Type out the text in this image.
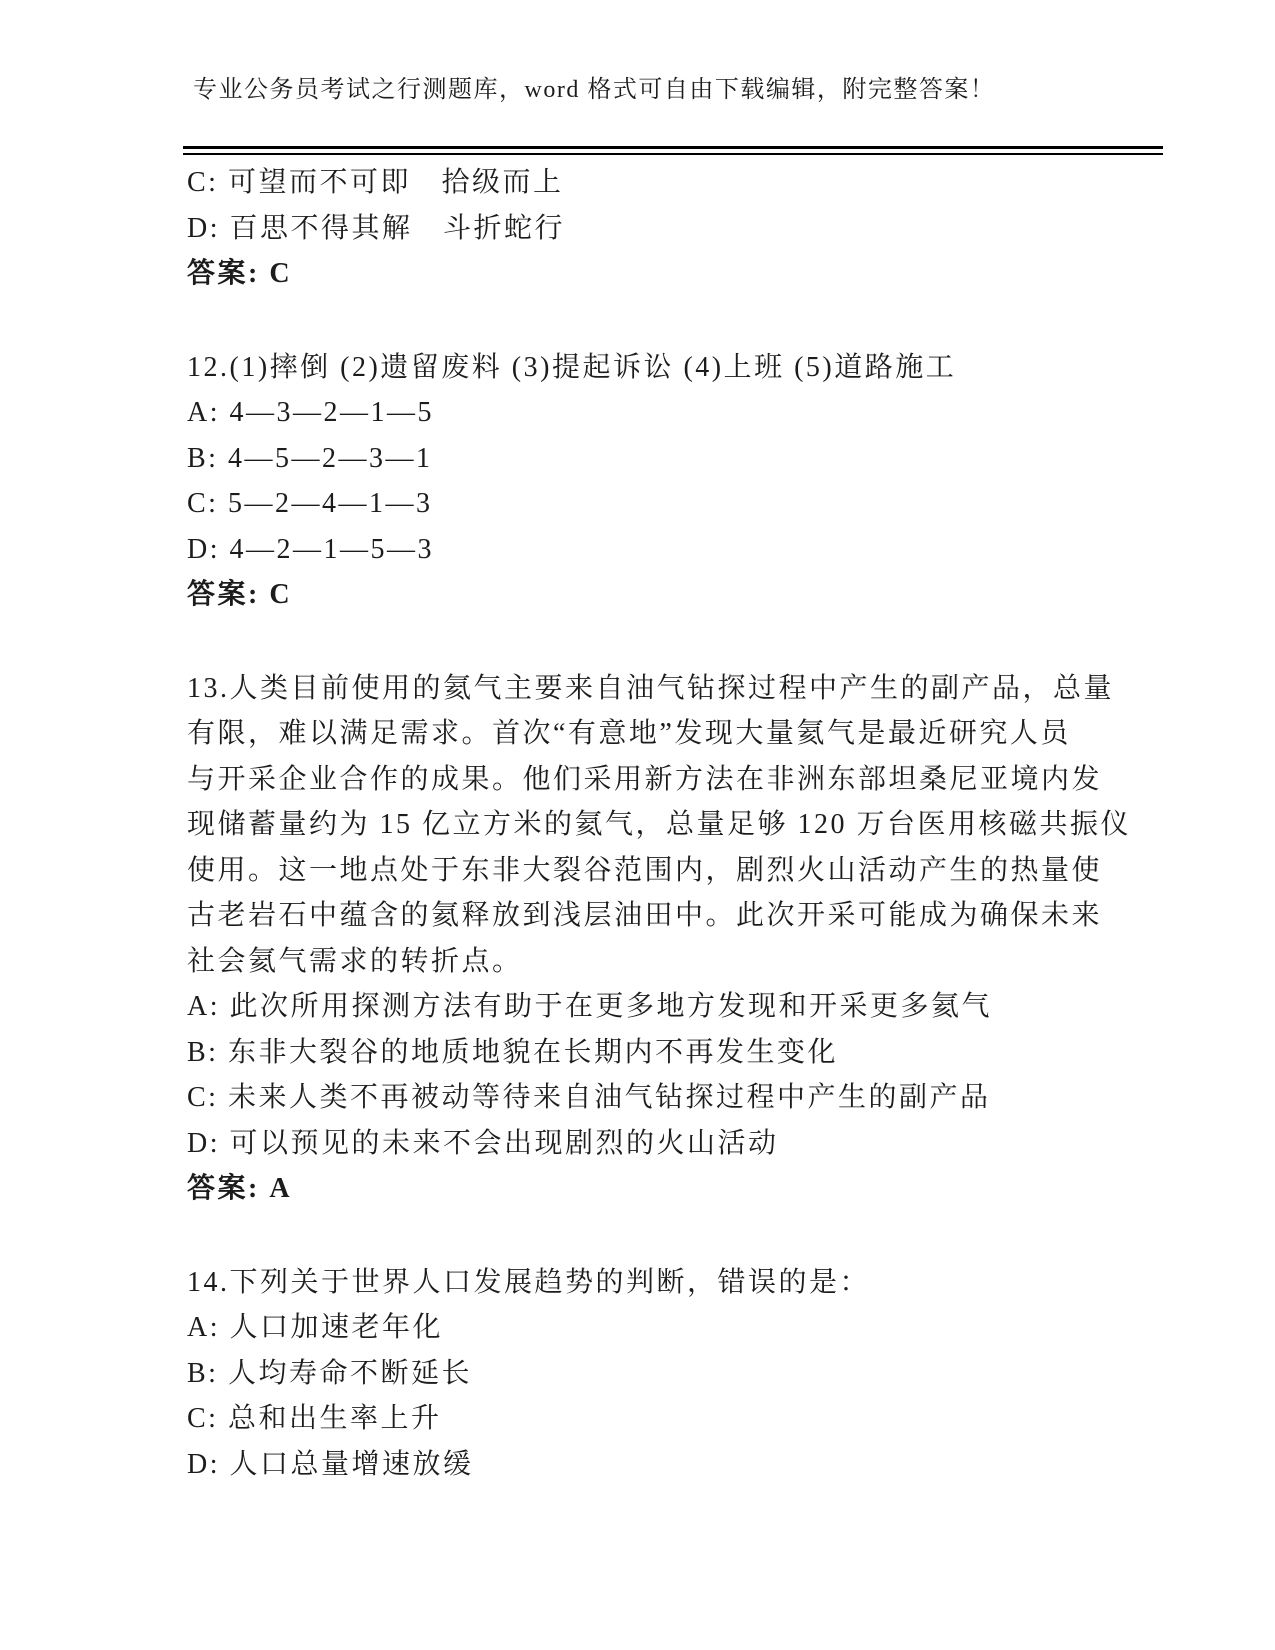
专业公务员考试之行测题库，word 格式可自由下载编辑，附完整答案！
C: 可望而不可即　拾级而上
D: 百思不得其解　斗折蛇行
答案: C
12.(1)摔倒 (2)遗留废料 (3)提起诉讼 (4)上班 (5)道路施工
A: 4—3—2—1—5
B: 4—5—2—3—1
C: 5—2—4—1—3
D: 4—2—1—5—3
答案: C
13.人类目前使用的氦气主要来自油气钻探过程中产生的副产品，总量
有限，难以满足需求。首次“有意地”发现大量氦气是最近研究人员
与开采企业合作的成果。他们采用新方法在非洲东部坦桑尼亚境内发
现储蓄量约为 15 亿立方米的氦气，总量足够 120 万台医用核磁共振仪
使用。这一地点处于东非大裂谷范围内，剧烈火山活动产生的热量使
古老岩石中蕴含的氦释放到浅层油田中。此次开采可能成为确保未来
社会氦气需求的转折点。
A: 此次所用探测方法有助于在更多地方发现和开采更多氦气
B: 东非大裂谷的地质地貌在长期内不再发生变化
C: 未来人类不再被动等待来自油气钻探过程中产生的副产品
D: 可以预见的未来不会出现剧烈的火山活动
答案: A
14.下列关于世界人口发展趋势的判断，错误的是：
A: 人口加速老年化
B: 人均寿命不断延长
C: 总和出生率上升
D: 人口总量增速放缓
